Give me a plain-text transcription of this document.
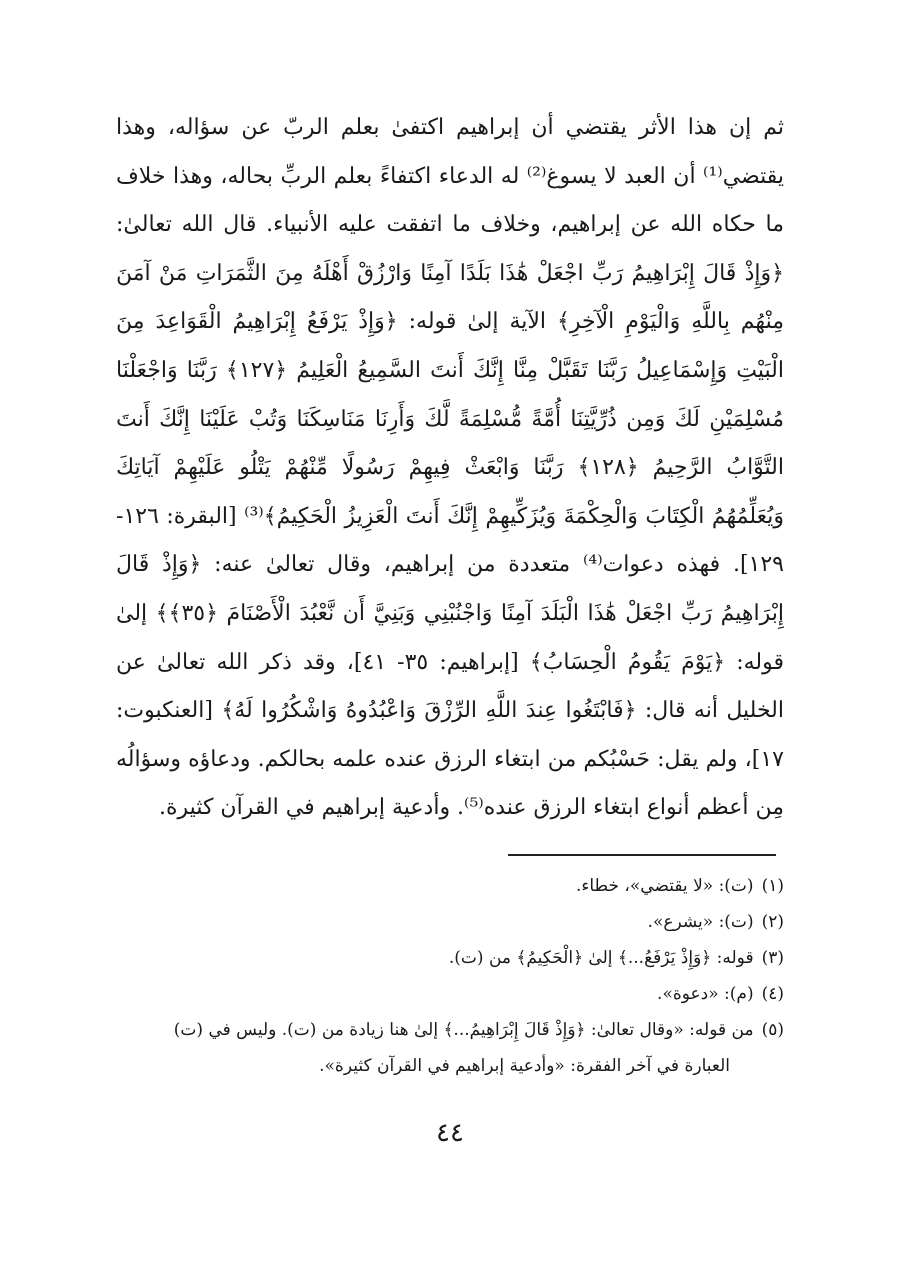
ثم إن هذا الأثر يقتضي أن إبراهيم اكتفىٰ بعلم الربّ عن سؤاله، وهذا يقتضي⁽¹⁾ أن العبد لا يسوغ⁽²⁾ له الدعاء اكتفاءً بعلم الربِّ بحاله، وهذا خلاف ما حكاه الله عن إبراهيم، وخلاف ما اتفقت عليه الأنبياء. قال الله تعالىٰ: ﴿وَإِذْ قَالَ إِبْرَاهِيمُ رَبِّ اجْعَلْ هَٰذَا بَلَدًا آمِنًا وَارْزُقْ أَهْلَهُ مِنَ الثَّمَرَاتِ مَنْ آمَنَ مِنْهُم بِاللَّهِ وَالْيَوْمِ الْآخِرِ﴾ الآية إلىٰ قوله: ﴿وَإِذْ يَرْفَعُ إِبْرَاهِيمُ الْقَوَاعِدَ مِنَ الْبَيْتِ وَإِسْمَاعِيلُ رَبَّنَا تَقَبَّلْ مِنَّا إِنَّكَ أَنتَ السَّمِيعُ الْعَلِيمُ ﴿١٢٧﴾ رَبَّنَا وَاجْعَلْنَا مُسْلِمَيْنِ لَكَ وَمِن ذُرِّيَّتِنَا أُمَّةً مُّسْلِمَةً لَّكَ وَأَرِنَا مَنَاسِكَنَا وَتُبْ عَلَيْنَا إِنَّكَ أَنتَ التَّوَّابُ الرَّحِيمُ ﴿١٢٨﴾ رَبَّنَا وَابْعَثْ فِيهِمْ رَسُولًا مِّنْهُمْ يَتْلُو عَلَيْهِمْ آيَاتِكَ وَيُعَلِّمُهُمُ الْكِتَابَ وَالْحِكْمَةَ وَيُزَكِّيهِمْ إِنَّكَ أَنتَ الْعَزِيزُ الْحَكِيمُ﴾⁽³⁾ [البقرة: ١٢٦- ١٢٩]. فهذه دعوات⁽⁴⁾ متعددة من إبراهيم، وقال تعالىٰ عنه: ﴿وَإِذْ قَالَ إِبْرَاهِيمُ رَبِّ اجْعَلْ هَٰذَا الْبَلَدَ آمِنًا وَاجْنُبْنِي وَبَنِيَّ أَن نَّعْبُدَ الْأَصْنَامَ ﴿٣٥﴾﴾ إلىٰ قوله: ﴿يَوْمَ يَقُومُ الْحِسَابُ﴾ [إبراهيم: ٣٥- ٤١]، وقد ذكر الله تعالىٰ عن الخليل أنه قال: ﴿فَابْتَغُوا عِندَ اللَّهِ الرِّزْقَ وَاعْبُدُوهُ وَاشْكُرُوا لَهُ﴾ [العنكبوت: ١٧]، ولم يقل: حَسْبُكم من ابتغاء الرزق عنده علمه بحالكم. ودعاؤه وسؤالُه مِن أعظم أنواع ابتغاء الرزق عنده⁽⁵⁾. وأدعية إبراهيم في القرآن كثيرة.

(١)(ت): «لا يقتضي»، خطاء.

(٢)(ت): «يشرع».

(٣)قوله: ﴿وَإِذْ يَرْفَعُ...﴾ إلىٰ ﴿الْحَكِيمُ﴾ من (ت).

(٤)(م): «دعوة».

(٥)من قوله: «وقال تعالىٰ: ﴿وَإِذْ قَالَ إِبْرَاهِيمُ...﴾ إلىٰ هنا زيادة من (ت). وليس في (ت)

العبارة في آخر الفقرة: «وأدعية إبراهيم في القرآن كثيرة».

٤٤
